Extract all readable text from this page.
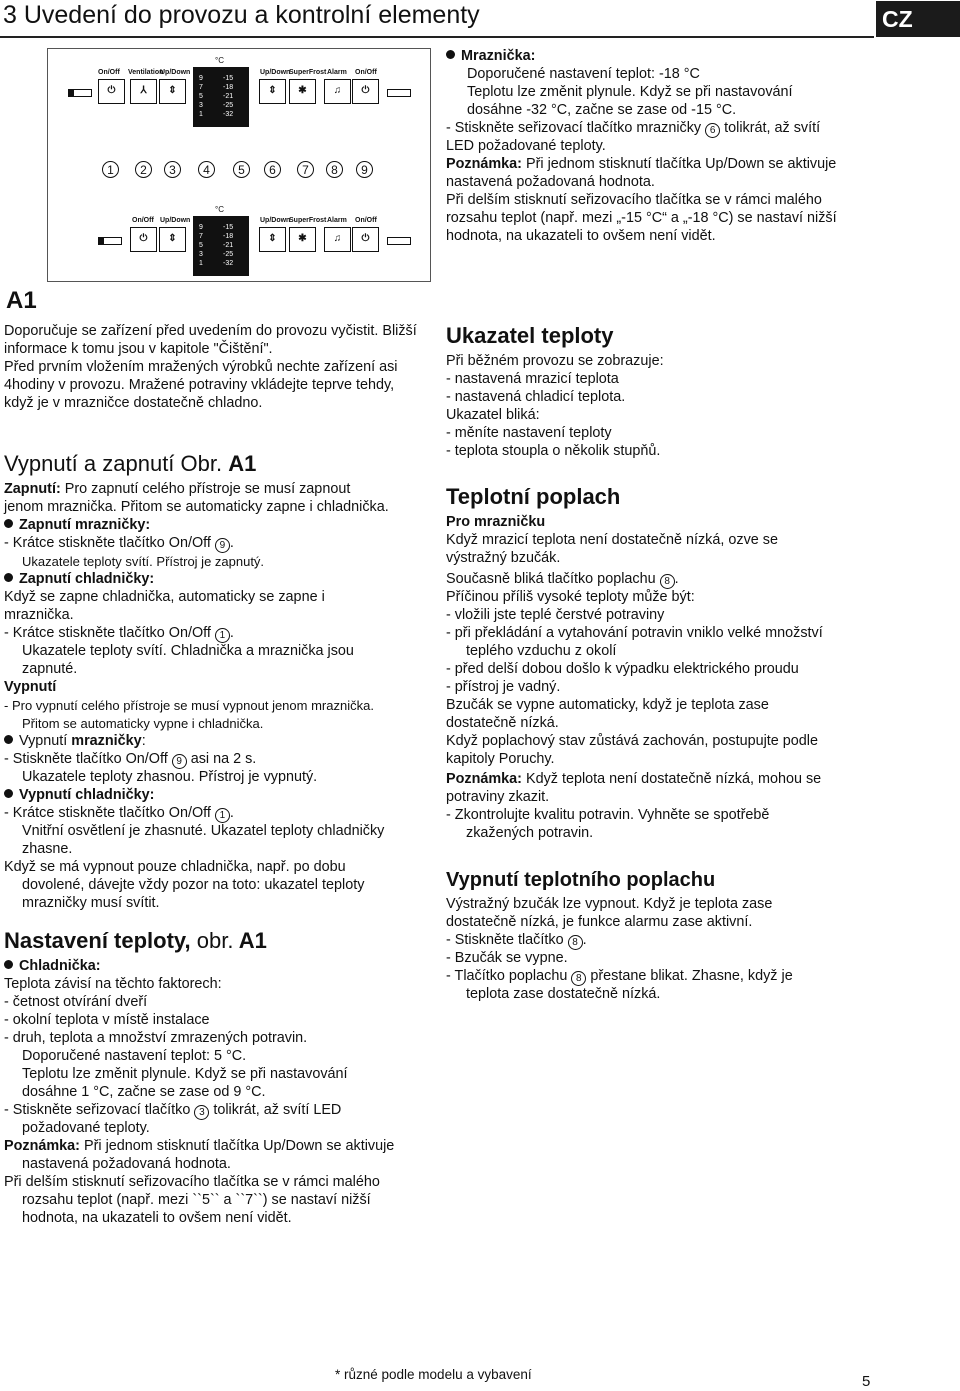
3 Uvedení do provozu a kontrolní elementy	CZ
On/Off Ventilation
Up/Down	Up/Down
SuperFrost Alarm On/Off
⏻	⅄	⇕
°C
9
7
5
3
1
-15
-18
-21
-25
-32
⇕	✱	♫	⏻
1	2	3	4	5	6	7	8	9
On/Off Up/Down	Up/Down
SuperFrost Alarm On/Off
⏻	⇕
°C
9
7
5
3
1
-15
-18
-21
-25
-32
⇕	✱	♫	⏻
A1
Mraznička:
Doporučené nastavení teplot: -18 °C
Teplotu lze změnit plynule. Když se při nastavování
dosáhne -32 °C, začne se zase od -15 °C.
- Stiskněte seřizovací tlačítko mrazničky 6 tolikrát, až svítí
LED požadované teploty.
Poznámka: Při jednom stisknutí tlačítka Up/Down se aktivuje
nastavená požadovaná hodnota.
Při delším stisknutí seřizovacího tlačítka se v rámci malého
rozsahu teplot (např. mezi „-15 °C“ a „-18 °C) se nastaví nižší
hodnota, na ukazateli to ovšem není vidět.
Doporučuje se zařízení před uvedením do provozu vyčistit. Bližší
informace k tomu jsou v kapitole "Čištění".
Před prvním vložením mražených výrobků nechte zařízení asi
4hodiny v provozu. Mražené potraviny vkládejte teprve tehdy,
když je v mrazničce dostatečně chladno.
Vypnutí a zapnutí Obr. A1
Zapnutí: Pro zapnutí celého přístroje se musí zapnout
jenom mraznička. Přitom se automaticky zapne i chladnička.
Zapnutí mrazničky:
- Krátce stiskněte tlačítko On/Off 9 .
Ukazatele teploty svítí. Přístroj je zapnutý.
Zapnutí chladničky:
Když se zapne chladnička, automaticky se zapne i
mraznička.
- Krátce stiskněte tlačítko On/Off 1 .
Ukazatele teploty svítí. Chladnička a mraznička jsou
zapnuté.
Vypnutí
- Pro vypnutí celého přístroje se musí vypnout jenom mraznička.
Přitom se automaticky vypne i chladnička.
Vypnutí mrazničky:
- Stiskněte tlačítko On/Off 9 asi na 2 s.
Ukazatele teploty zhasnou. Přístroj je vypnutý.
Vypnutí chladničky:
- Krátce stiskněte tlačítko On/Off 1 .
Vnitřní osvětlení je zhasnuté. Ukazatel teploty chladničky
zhasne.
Když se má vypnout pouze chladnička, např. po dobu
dovolené, dávejte vždy pozor na toto: ukazatel teploty
mrazničky musí svítit.
Nastavení teploty, obr. A1
Chladnička:
Teplota závisí na těchto faktorech:
- četnost otvírání dveří
- okolní teplota v místě instalace
- druh, teplota a množství zmrazených potravin.
Doporučené nastavení teplot: 5 °C.
Teplotu lze změnit plynule. Když se při nastavování
dosáhne 1 °C, začne se zase od 9 °C.
- Stiskněte seřizovací tlačítko 3 tolikrát, až svítí LED
požadované teploty.
Poznámka: Při jednom stisknutí tlačítka Up/Down se aktivuje
nastavená požadovaná hodnota.
Při delším stisknutí seřizovacího tlačítka se v rámci malého
rozsahu teplot (např. mezi ``5`` a ``7``) se nastaví nižší
hodnota, na ukazateli to ovšem není vidět.
Ukazatel teploty
Při běžném provozu se zobrazuje:
- nastavená mrazicí teplota
- nastavená chladicí teplota.
Ukazatel bliká:
- měníte nastavení teploty
- teplota stoupla o několik stupňů.
Teplotní poplach
Pro mrazničku
Když mrazicí teplota není dostatečně nízká, ozve se
výstražný bzučák.
Současně bliká tlačítko poplachu 8 .
Příčinou příliš vysoké teploty může být:
- vložili jste teplé čerstvé potraviny
- při překládání a vytahování potravin vniklo velké množství
teplého vzduchu z okolí
- před delší dobou došlo k výpadku elektrického proudu
- přístroj je vadný.
Bzučák se vypne automaticky, když je teplota zase
dostatečně nízká.
Když poplachový stav zůstává zachován, postupujte podle
kapitoly Poruchy.
Poznámka: Když teplota není dostatečně nízká, mohou se
potraviny zkazit.
- Zkontrolujte kvalitu potravin. Vyhněte se spotřebě
zkažených potravin.
Vypnutí teplotního poplachu
Výstražný bzučák lze vypnout. Když je teplota zase
dostatečně nízká, je funkce alarmu zase aktivní.
- Stiskněte tlačítko 8 .
- Bzučák se vypne.
- Tlačítko poplachu 8 přestane blikat. Zhasne, když je
teplota zase dostatečně nízká.
* různé podle modelu a vybavení	5
